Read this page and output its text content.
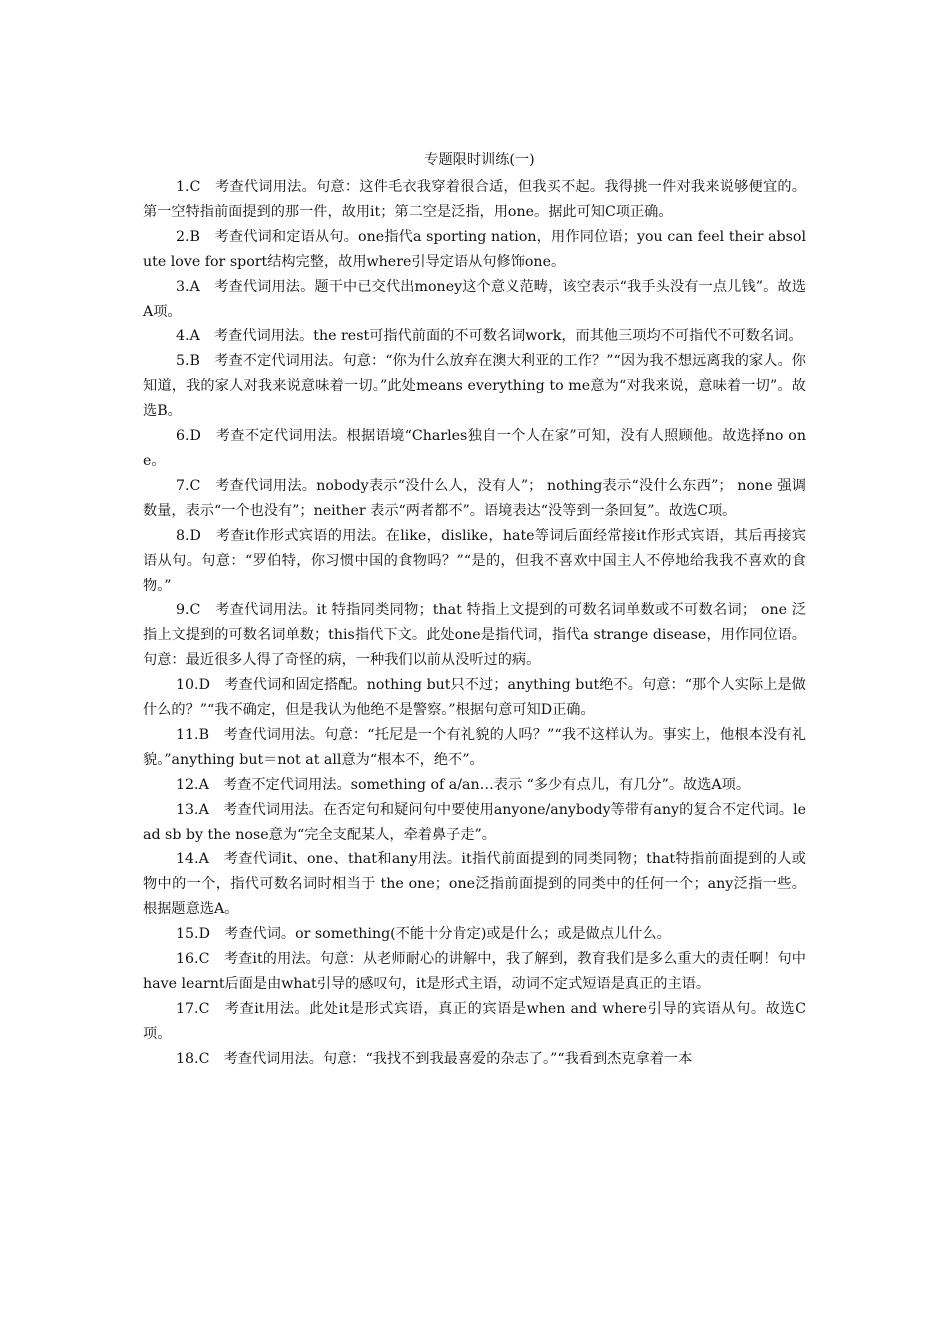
专题限时训练(一)

1.C　考查代词用法。句意：这件毛衣我穿着很合适，但我买不起。我得挑一件对我来说够便宜的。第一空特指前面提到的那一件，故用it；第二空是泛指，用one。据此可知C项正确。

2.B　考查代词和定语从句。one指代a sporting nation，用作同位语；you can feel their absolute love for sport结构完整，故用where引导定语从句修饰one。

3.A　考查代词用法。题干中已交代出money这个意义范畴，该空表示“我手头没有一点儿钱”。故选A项。

4.A　考查代词用法。the rest可指代前面的不可数名词work，而其他三项均不可指代不可数名词。

5.B　考查不定代词用法。句意：“你为什么放弃在澳大利亚的工作？”“因为我不想远离我的家人。你知道，我的家人对我来说意味着一切。”此处means everything to me意为“对我来说，意味着一切”。故选B。

6.D　考查不定代词用法。根据语境“Charles独自一个人在家”可知，没有人照顾他。故选择no one。

7.C　考查代词用法。nobody表示“没什么人，没有人”； nothing表示“没什么东西”； none 强调数量，表示“一个也没有”；neither 表示“两者都不”。语境表达“没等到一条回复”。故选C项。

8.D　考查it作形式宾语的用法。在like，dislike，hate等词后面经常接it作形式宾语，其后再接宾语从句。句意：“罗伯特，你习惯中国的食物吗？”“是的，但我不喜欢中国主人不停地给我我不喜欢的食物。”

9.C　考查代词用法。it 特指同类同物；that 特指上文提到的可数名词单数或不可数名词； one 泛指上文提到的可数名词单数；this指代下文。此处one是指代词，指代a strange disease，用作同位语。句意：最近很多人得了奇怪的病，一种我们以前从没听过的病。

10.D　考查代词和固定搭配。nothing but只不过；anything but绝不。句意：“那个人实际上是做什么的？”“我不确定，但是我认为他绝不是警察。”根据句意可知D正确。

11.B　考查代词用法。句意：“托尼是一个有礼貌的人吗？”“我不这样认为。事实上，他根本没有礼貌。”anything but＝not at all意为“根本不，绝不”。

12.A　考查不定代词用法。something of a/an…表示 “多少有点儿，有几分”。故选A项。

13.A　考查代词用法。在否定句和疑问句中要使用anyone/anybody等带有any的复合不定代词。lead sb by the nose意为“完全支配某人，牵着鼻子走”。

14.A　考查代词it、one、that和any用法。it指代前面提到的同类同物；that特指前面提到的人或物中的一个，指代可数名词时相当于 the one；one泛指前面提到的同类中的任何一个；any泛指一些。根据题意选A。

15.D　考查代词。or something(不能十分肯定)或是什么；或是做点儿什么。

16.C　考查it的用法。句意：从老师耐心的讲解中，我了解到，教育我们是多么重大的责任啊！句中have learnt后面是由what引导的感叹句，it是形式主语，动词不定式短语是真正的主语。

17.C　考查it用法。此处it是形式宾语，真正的宾语是when and where引导的宾语从句。故选C项。

18.C　考查代词用法。句意：“我找不到我最喜爱的杂志了。”“我看到杰克拿着一本
